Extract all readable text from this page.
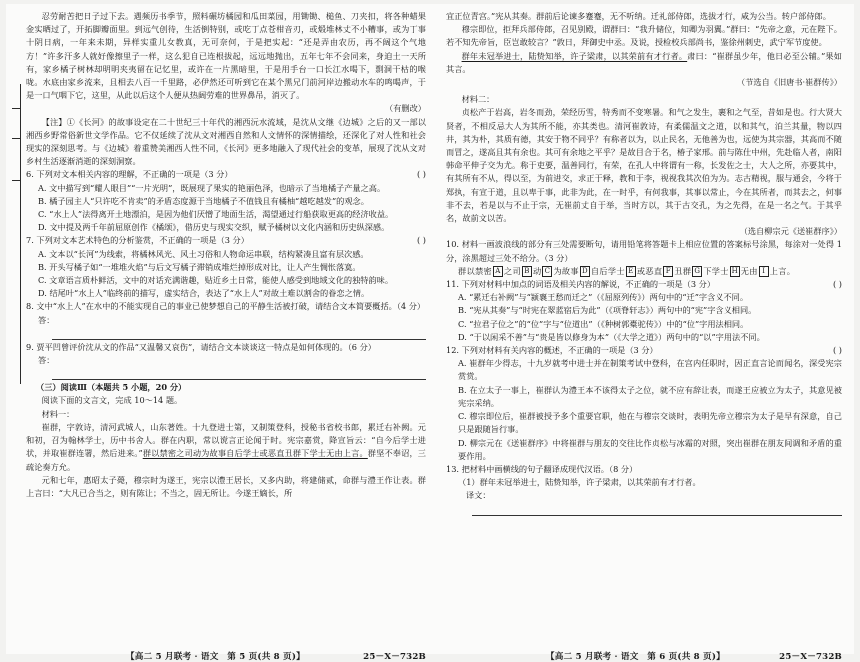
忍劳耐苦把日子过下去。遇频历书季节，照料碾坊橘园和瓜田菜园，用锄锄、槌鱼、刀夹扣，将各种蜡果金实晒过了，开拓脚瓣面里。到远气创待，生活倒特别，或吃丁点苍柑音刃，或煅堆林丈不小糟事，或为丁事十阴日病，一年来未期，异样实重儿女教真，无可奈何，于是把实起：“还是弄由农历，再不阔这个气地方！”许多汗多人就好像擦里子一样，这么犯自已连根拔起，远远地抛出，五年七年不会同来，身迫土一天所有，家乡橘子树林却明明夹夷留在记忆里，或许在一片黑暗里，于是用手台一口长江水喝下，剽洞干枯的喉咙。水底由家乡流来，且相去八百一千里路，必伊然还可听到它在某个黑兄门前河岸边搬动水车的鸣喝声，于是一口气咽下它，这里，从此以后这个人便从热阔劳难的世界鼻吊，消灭了。

（有删改）

【注】①《长河》的故事设定在二十世纪三十年代的湘西沅水流域，是沈从文继《边城》之后的又一部以湘西乡野常俗新世文学作品。它不仅延续了沈从文对湘西自然和人文情怀的深情描绘，还深化了对人性和社会现实的深刻思考。与《边城》着重赞美湘西人性不同，《长河》更多地融入了现代社会的变革，展现了沈从文对乡村生活逐渐消逝的深刻洞察。

6. 下列对文本相关内容的理解，不正确的一项是（3 分）	( )

A. 文中描写到“耀人眼目”“一片光明”，既展现了果实的艳丽色泽，也暗示了当地橘子产量之高。

B. 橘子园主人“只许吃不肯卖”的矛盾态度源于当地橘子不值钱且有橘柚“越吃越发”的观念。

C. “水上人”法得离开土地漂泊，是因为他们厌憎了地面生活，渴望通过行船获取更高的经济收益。

D. 文中提及两千年前屈原创作《橘颂》，借历史与现实交织，赋予橘树以文化内涵和历史纵深感。

7. 下列对文本艺术特色的分析鉴赏，不正确的一项是（3 分）	( )

A. 文本以“长河”为线索，将橘林风光、风土习俗和人物命运串联，结构紧凑且富有层次感。

B. 开头写橘子如“一堆堆火焰”与后文写橘子滞销成堆烂掉形成对比，让人产生惆怅落寞。

C. 文章语言质朴鲜活，文中的对话充满谐趣，贴近乡土日常，能使人感受到地域文化的独特韵味。

D. 结尾叶“水上人”临终前的描写，虚实结合，表达了“水上人”对故土难以割舍的眷恋之情。

8. 文中“水上人”在水中的不能实现自己的事业已使梦想自己的平静生活被打破，请结合文本简要概括。（4 分）

答：

9. 贾平凹曾评价沈从文的作品“又温馨又哀伤”，请结合文本谈谈这一特点是如何体现的。（6 分）

答：

（三）阅读Ⅲ（本题共 5 小题，20 分）

阅读下面的文言文，完成 10～14 题。

材料一：

崔群，字敦诗，清河武城人，山东著姓。十九登进士第，又制策登科，授秘书省校书郎，累迁右补阙。元和初，召为翰林学士，历中书舍人。群在内职，常以谠言正论闻于时。宪宗嘉赏，降宣旨云：“自今后学士进状，并取崔群连署，然后进来。”群以禁密之司动为故事自后学士或恶直丑群下学士无由上言。群坚不奉诏，三疏论奏方允。

元和七年，惠昭太子薨，穆宗时为遂王，宪宗以澧王居长，又多内助，将建储贰，命群与澧王作让表。群上言曰：“大凡已合当之，则有陈让；不当之，固无所让。今遂王嫡长，所

宜正位青宫。”宪从其奏。群前后论谏多蹇蹇，无不听纳。迁礼部侍郎，选拔才行，咸为公当。转户部侍郎。

穆宗即位，拒拜兵部侍郎，召见别殿，谓群曰：“我升储位，知卿为羽翼。”群曰：“先帝之意，元在陛下。若不知先帝旨，臣岂敢较言？”敦日，拜御史中丞。及说，授检校兵部尚书，鉴徐州刺史，武宁军节度使。

群年未冠举进士，陆贽知举，许子梁肃，以其荣前有才行者。肃曰：“崔群虽少年，他日必至公辅。”果如其言。

（节选自《旧唐书·崔群传》）

材料二：

贞松产于岩高，岩冬而劲，荣经历雪，特秀而不变寒暑。和气之发生，裹和之气至，昔如是也。行大贤大贤者，不相反忌大人为其所不能，亦其类也。清河崔敦诗，有柔儒温文之道，以和其气，泊兰其量，物以四井，其为朴，其质有德，其安于物不同乎？有称者以为，以止民名，无他善为也，远使为其宗器，其高而不随而冒之，遂高且其有余也。其可有余地之平乎？是故目合于名，椿子家邢。前与陈仕中州，先赴临人者，南阳韩命平伸子交为尤。称于吏要，温善同行，有荣，在孔人中将谓有一称，长发佐之士，大人之所，亦要其中，有其所有不从，得以至，为前进交，求正于释，教和于李，视视我其次伯为为。志古精视，服与通会，今将于郑执，有宣于道，且以卑于事，此非为此，在一时乎，有何我事，其事以常止，今在其所者，而其去之，何事非不去，若是以与不止于宗，无崔前丈自于举，当时方以，其于古交孔，为之先得，在是一名之气。于其乎名，故前文以苦。

（选自柳宗元《送崔群序》）

10. 材料一画波浪线的部分有三处需要断句，请用铅笔将答题卡上相应位置的答案标号涂黑，每涂对一处得 1 分，涂黑超过三处不给分。（3 分）

群以禁密 A 之司 B 动 C 为故事 D 自后学士 E 或恶直 F 丑群 G 下学士 H 无由 I 上言。

11. 下列对材料中加点的词语及相关内容的解说，不正确的一项是（3 分）	( )

A. “累迁右补阙”与“颍襄王愁而迁之”（《屈原列传》）两句中的“迁”字含义不同。

B. “宪从其奏”与“时宪在翠蓝宿后为此”（《项脊轩志》）两句中的“宪”字含义相同。

C. “拉君子位之”的“位”字与“位道出”（《种树郭橐驼传》）中的“位”字用法相同。

D. “于以闲采不善”与“贵是皆以修身为本”（《大学之道》）两句中的“以”字用法不同。

12. 下列对材料有关内容的概述，不正确的一项是（3 分）	( )

A. 崔群年少得志，十九岁就考中进士并在制策考试中登科，在宫内任职时，因正直言论而闻名，深受宪宗赏赏。

B. 在立太子一事上，崔群认为澧王本不该得太子之位，就不应有辞让表，而遂王应被立为太子，其意见被宪宗采纳。

C. 穆宗即位后，崔群被授予多个重要官职，他在与穆宗交谈时，表明先帝立穆宗为太子是早有深意，自己只是跟随旨行事。

D. 柳宗元在《送崔群序》中将崔群与朋友的交往比作贞松与冰霜的对照，突出崔群在朋友间调和矛盾的重要作用。

13. 把材料中画横线的句子翻译成现代汉语。（8 分）

（1）群年未冠举进士，陆贽知举，许子梁肃，以其荣前有才行者。

译文：

【高二 5 月联考 · 语文　第 5 页(共 8 页)】	25－X－732B	【高二 5 月联考 · 语文　第 6 页(共 8 页)】	25－X－732B
